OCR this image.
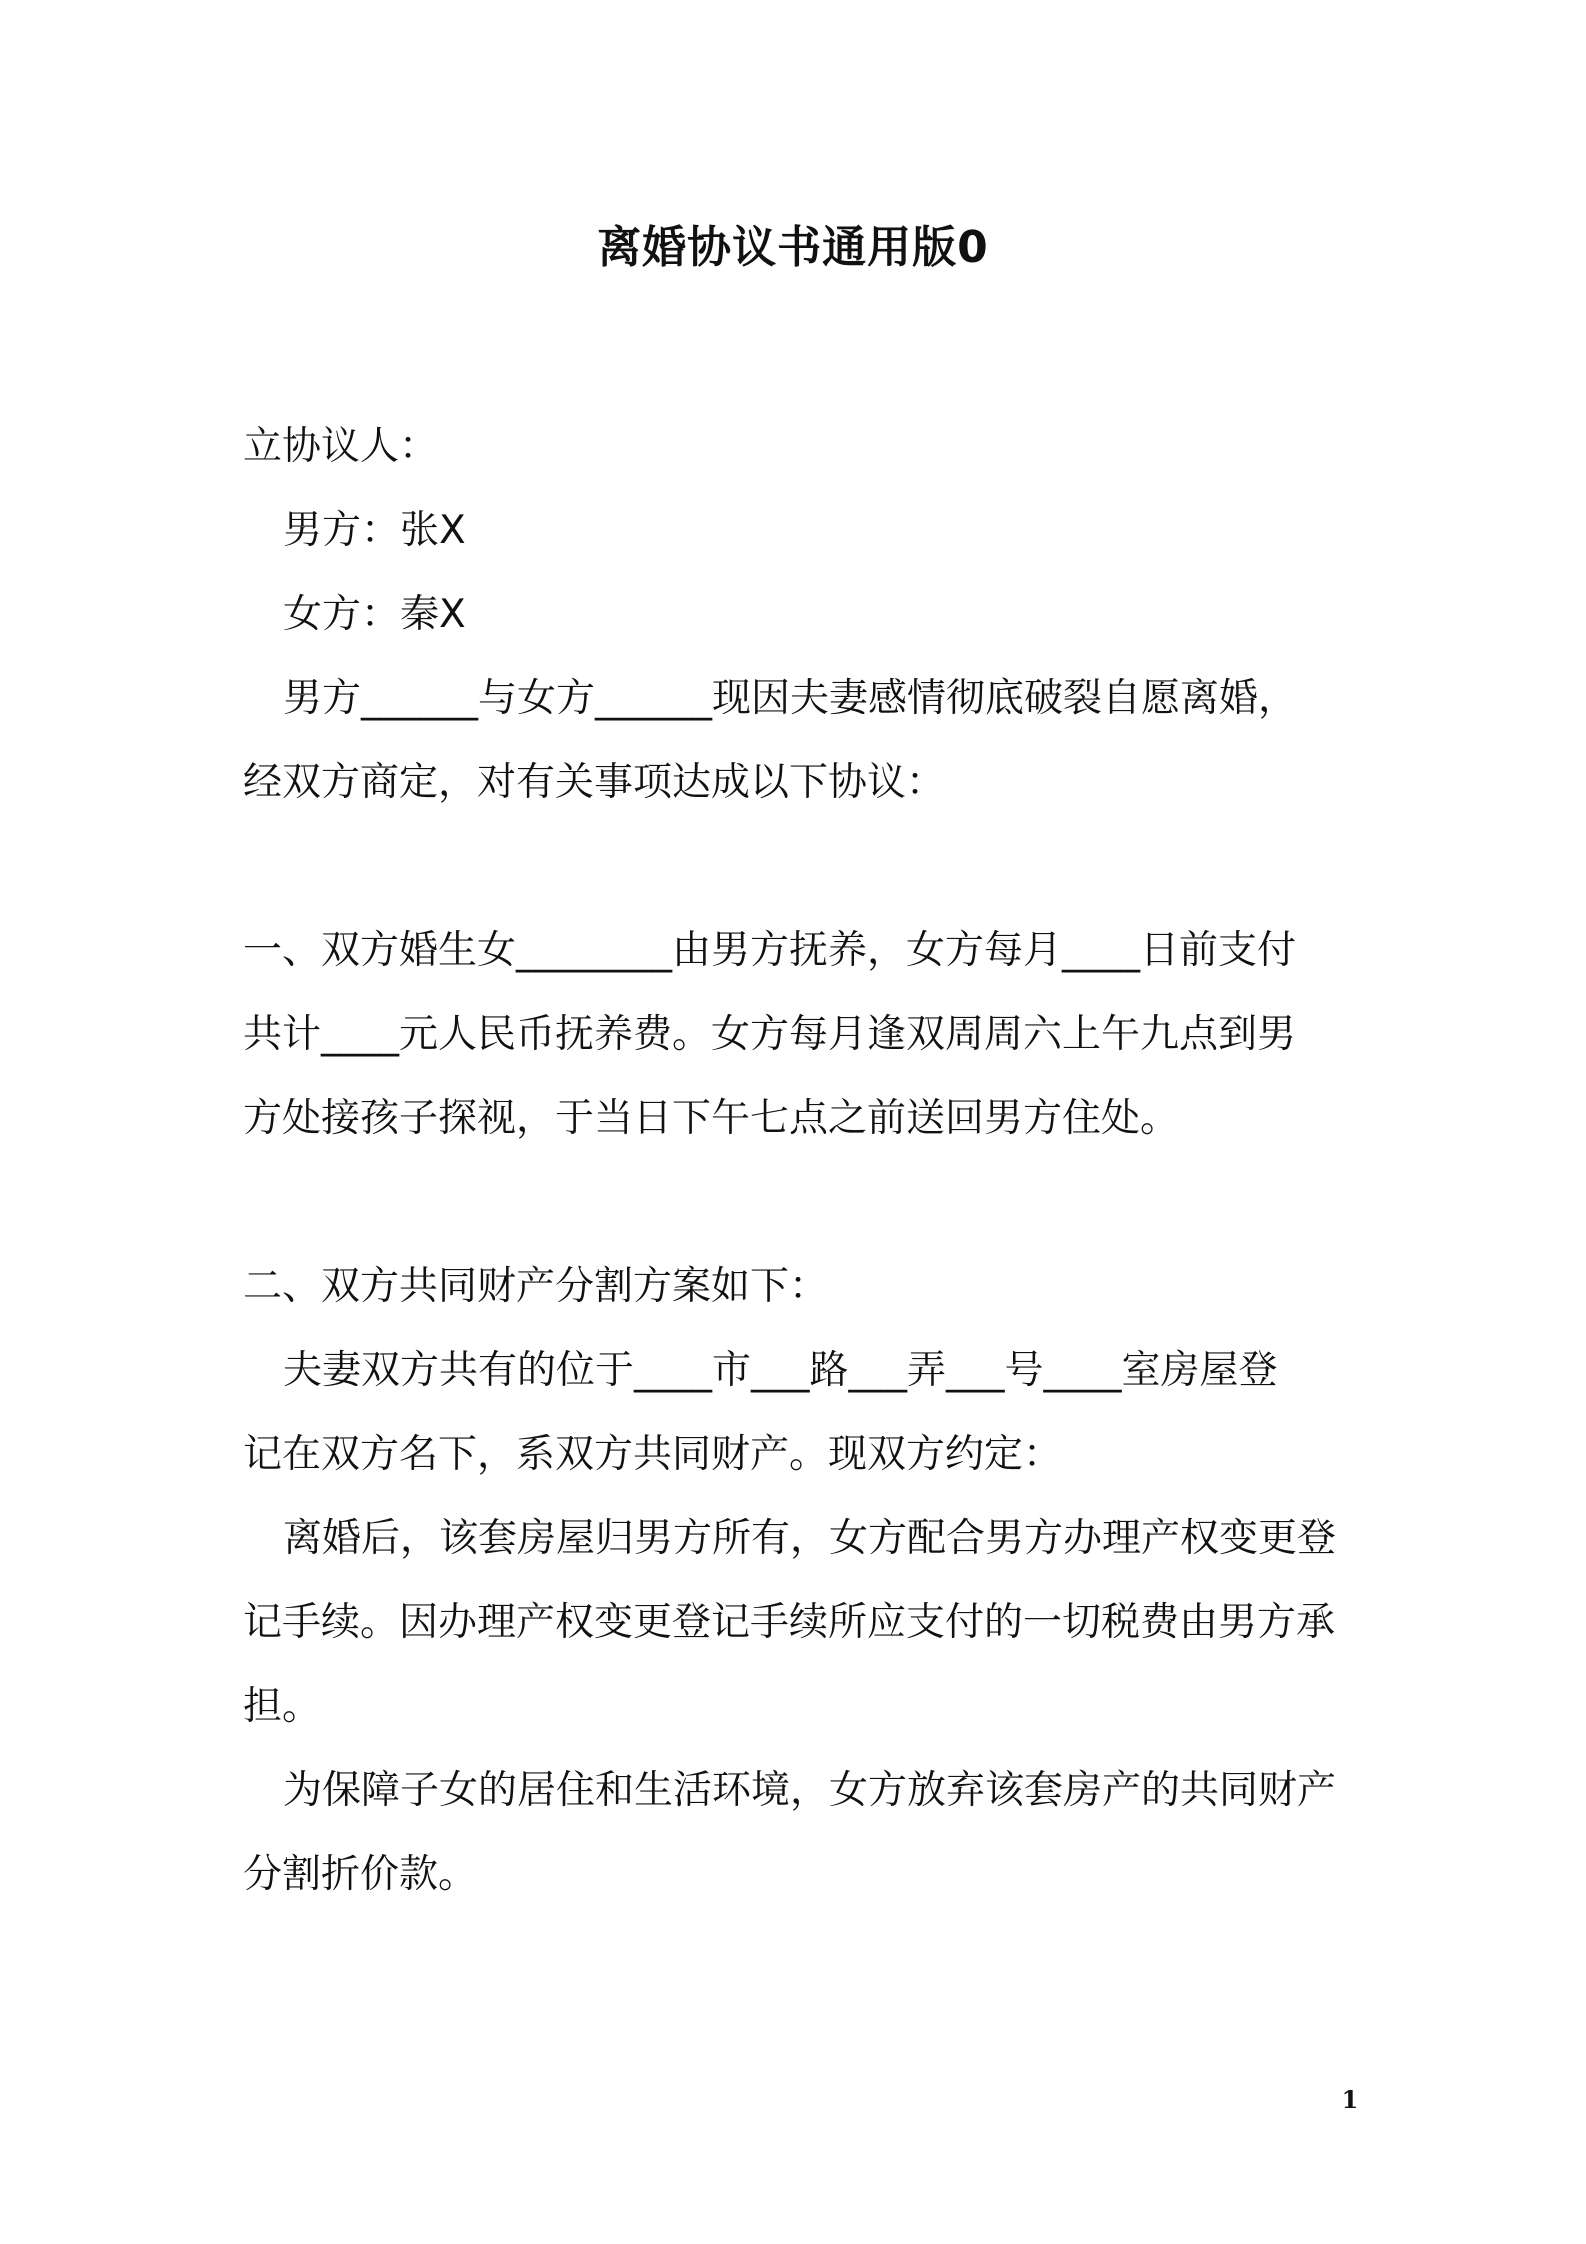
离婚协议书通用版0

立协议人：

男方：张X

女方：秦X

男方______与女方______现因夫妻感情彻底破裂自愿离婚，

经双方商定，对有关事项达成以下协议：

一、双方婚生女________由男方抚养，女方每月____日前支付

共计____元人民币抚养费。女方每月逢双周周六上午九点到男

方处接孩子探视，于当日下午七点之前送回男方住处。

二、双方共同财产分割方案如下：

夫妻双方共有的位于____市___路___弄___号____室房屋登

记在双方名下，系双方共同财产。现双方约定：

离婚后，该套房屋归男方所有，女方配合男方办理产权变更登

记手续。因办理产权变更登记手续所应支付的一切税费由男方承

担。

为保障子女的居住和生活环境，女方放弃该套房产的共同财产

分割折价款。

1
